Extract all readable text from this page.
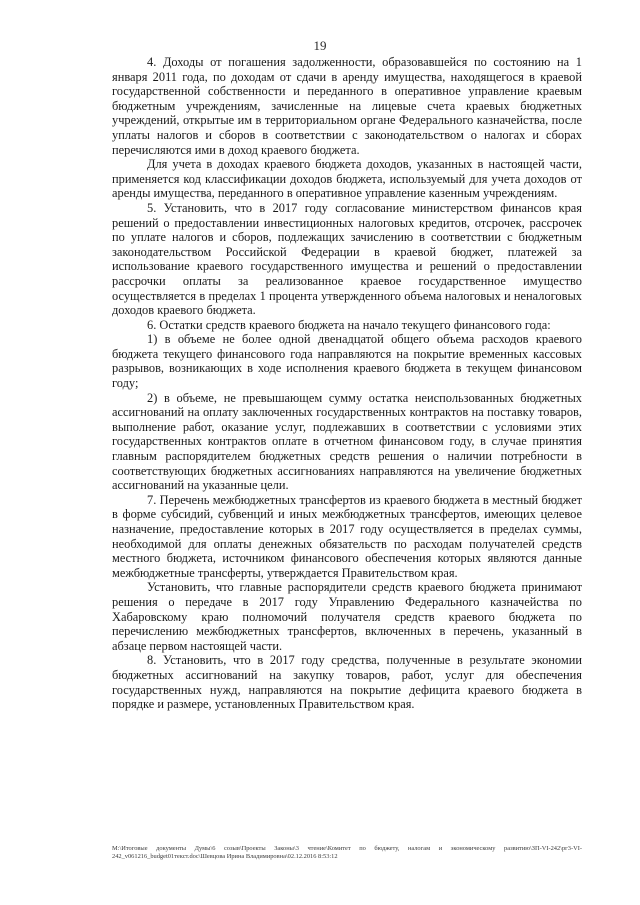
19

4. Доходы от погашения задолженности, образовавшейся по состоянию на 1 января 2011 года, по доходам от сдачи в аренду имущества, находящегося в краевой государственной собственности и переданного в оперативное управление краевым бюджетным учреждениям, зачисленные на лицевые счета краевых бюджетных учреждений, открытые им в территориальном органе Федерального казначейства, после уплаты налогов и сборов в соответствии с законодательством о налогах и сборах перечисляются ими в доход краевого бюджета.

Для учета в доходах краевого бюджета доходов, указанных в настоящей части, применяется код классификации доходов бюджета, используемый для учета доходов от аренды имущества, переданного в оперативное управление казенным учреждениям.

5. Установить, что в 2017 году согласование министерством финансов края решений о предоставлении инвестиционных налоговых кредитов, отсрочек, рассрочек по уплате налогов и сборов, подлежащих зачислению в соответствии с бюджетным законодательством Российской Федерации в краевой бюджет, платежей за использование краевого государственного имущества и решений о предоставлении рассрочки оплаты за реализованное краевое государственное имущество осуществляется в пределах 1 процента утвержденного объема налоговых и неналоговых доходов краевого бюджета.

6. Остатки средств краевого бюджета на начало текущего финансового года:

1) в объеме не более одной двенадцатой общего объема расходов краевого бюджета текущего финансового года направляются на покрытие временных кассовых разрывов, возникающих в ходе исполнения краевого бюджета в текущем финансовом году;

2) в объеме, не превышающем сумму остатка неиспользованных бюджетных ассигнований на оплату заключенных государственных контрактов на поставку товаров, выполнение работ, оказание услуг, подлежавших в соответствии с условиями этих государственных контрактов оплате в отчетном финансовом году, в случае принятия главным распорядителем бюджетных средств решения о наличии потребности в соответствующих бюджетных ассигнованиях направляются на увеличение бюджетных ассигнований на указанные цели.

7. Перечень межбюджетных трансфертов из краевого бюджета в местный бюджет в форме субсидий, субвенций и иных межбюджетных трансфертов, имеющих целевое назначение, предоставление которых в 2017 году осуществляется в пределах суммы, необходимой для оплаты денежных обязательств по расходам получателей средств местного бюджета, источником финансового обеспечения которых являются данные межбюджетные трансферты, утверждается Правительством края.

Установить, что главные распорядители средств краевого бюджета принимают решения о передаче в 2017 году Управлению Федерального казначейства по Хабаровскому краю полномочий получателя средств краевого бюджета по перечислению межбюджетных трансфертов, включенных в перечень, указанный в абзаце первом настоящей части.

8. Установить, что в 2017 году средства, полученные в результате экономии бюджетных ассигнований на закупку товаров, работ, услуг для обеспечения государственных нужд, направляются на покрытие дефицита краевого бюджета в порядке и размере, установленных Правительством края.

М:\Итоговые документы Думы\6 созыв\Проекты Законы\3 чтение\Комитет по бюджету, налогам и экономическому развитию\ЗП-VI-242\рг3-VI-242_v061216_budget01текст.doc\Шевцова Ирина Владимировна\02.12.2016 8:53:12
